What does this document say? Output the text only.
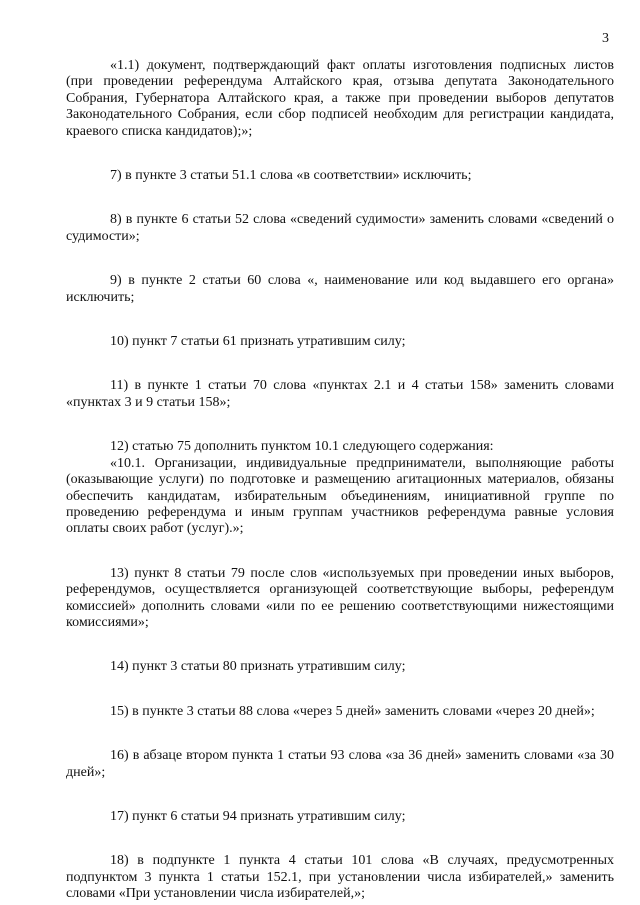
3

«1.1) документ, подтверждающий факт оплаты изготовления подписных листов (при проведении референдума Алтайского края, отзыва депутата Законодательного Собрания, Губернатора Алтайского края, а также при проведении выборов депутатов Законодательного Собрания, если сбор подписей необходим для регистрации кандидата, краевого списка кандидатов);»;

7) в пункте 3 статьи 51.1 слова «в соответствии» исключить;

8) в пункте 6 статьи 52 слова «сведений судимости» заменить словами «сведений о судимости»;

9) в пункте 2 статьи 60 слова «, наименование или код выдавшего его органа» исключить;

10) пункт 7 статьи 61 признать утратившим силу;

11) в пункте 1 статьи 70 слова «пунктах 2.1 и 4 статьи 158» заменить словами «пунктах 3 и 9 статьи 158»;

12) статью 75 дополнить пунктом 10.1 следующего содержания:

«10.1. Организации, индивидуальные предприниматели, выполняющие работы (оказывающие услуги) по подготовке и размещению агитационных материалов, обязаны обеспечить кандидатам, избирательным объединениям, инициативной группе по проведению референдума и иным группам участников референдума равные условия оплаты своих работ (услуг).»;

13) пункт 8 статьи 79 после слов «используемых при проведении иных выборов, референдумов, осуществляется организующей соответствующие выборы, референдум комиссией» дополнить словами «или по ее решению соответствующими нижестоящими комиссиями»;

14) пункт 3 статьи 80 признать утратившим силу;

15) в пункте 3 статьи 88 слова «через 5 дней» заменить словами «через 20 дней»;

16) в абзаце втором пункта 1 статьи 93 слова «за 36 дней» заменить словами «за 30 дней»;

17) пункт 6 статьи 94 признать утратившим силу;

18) в подпункте 1 пункта 4 статьи 101 слова «В случаях, предусмотренных подпунктом 3 пункта 1 статьи 152.1, при установлении числа избирателей,» заменить словами «При установлении числа избирателей,»;
